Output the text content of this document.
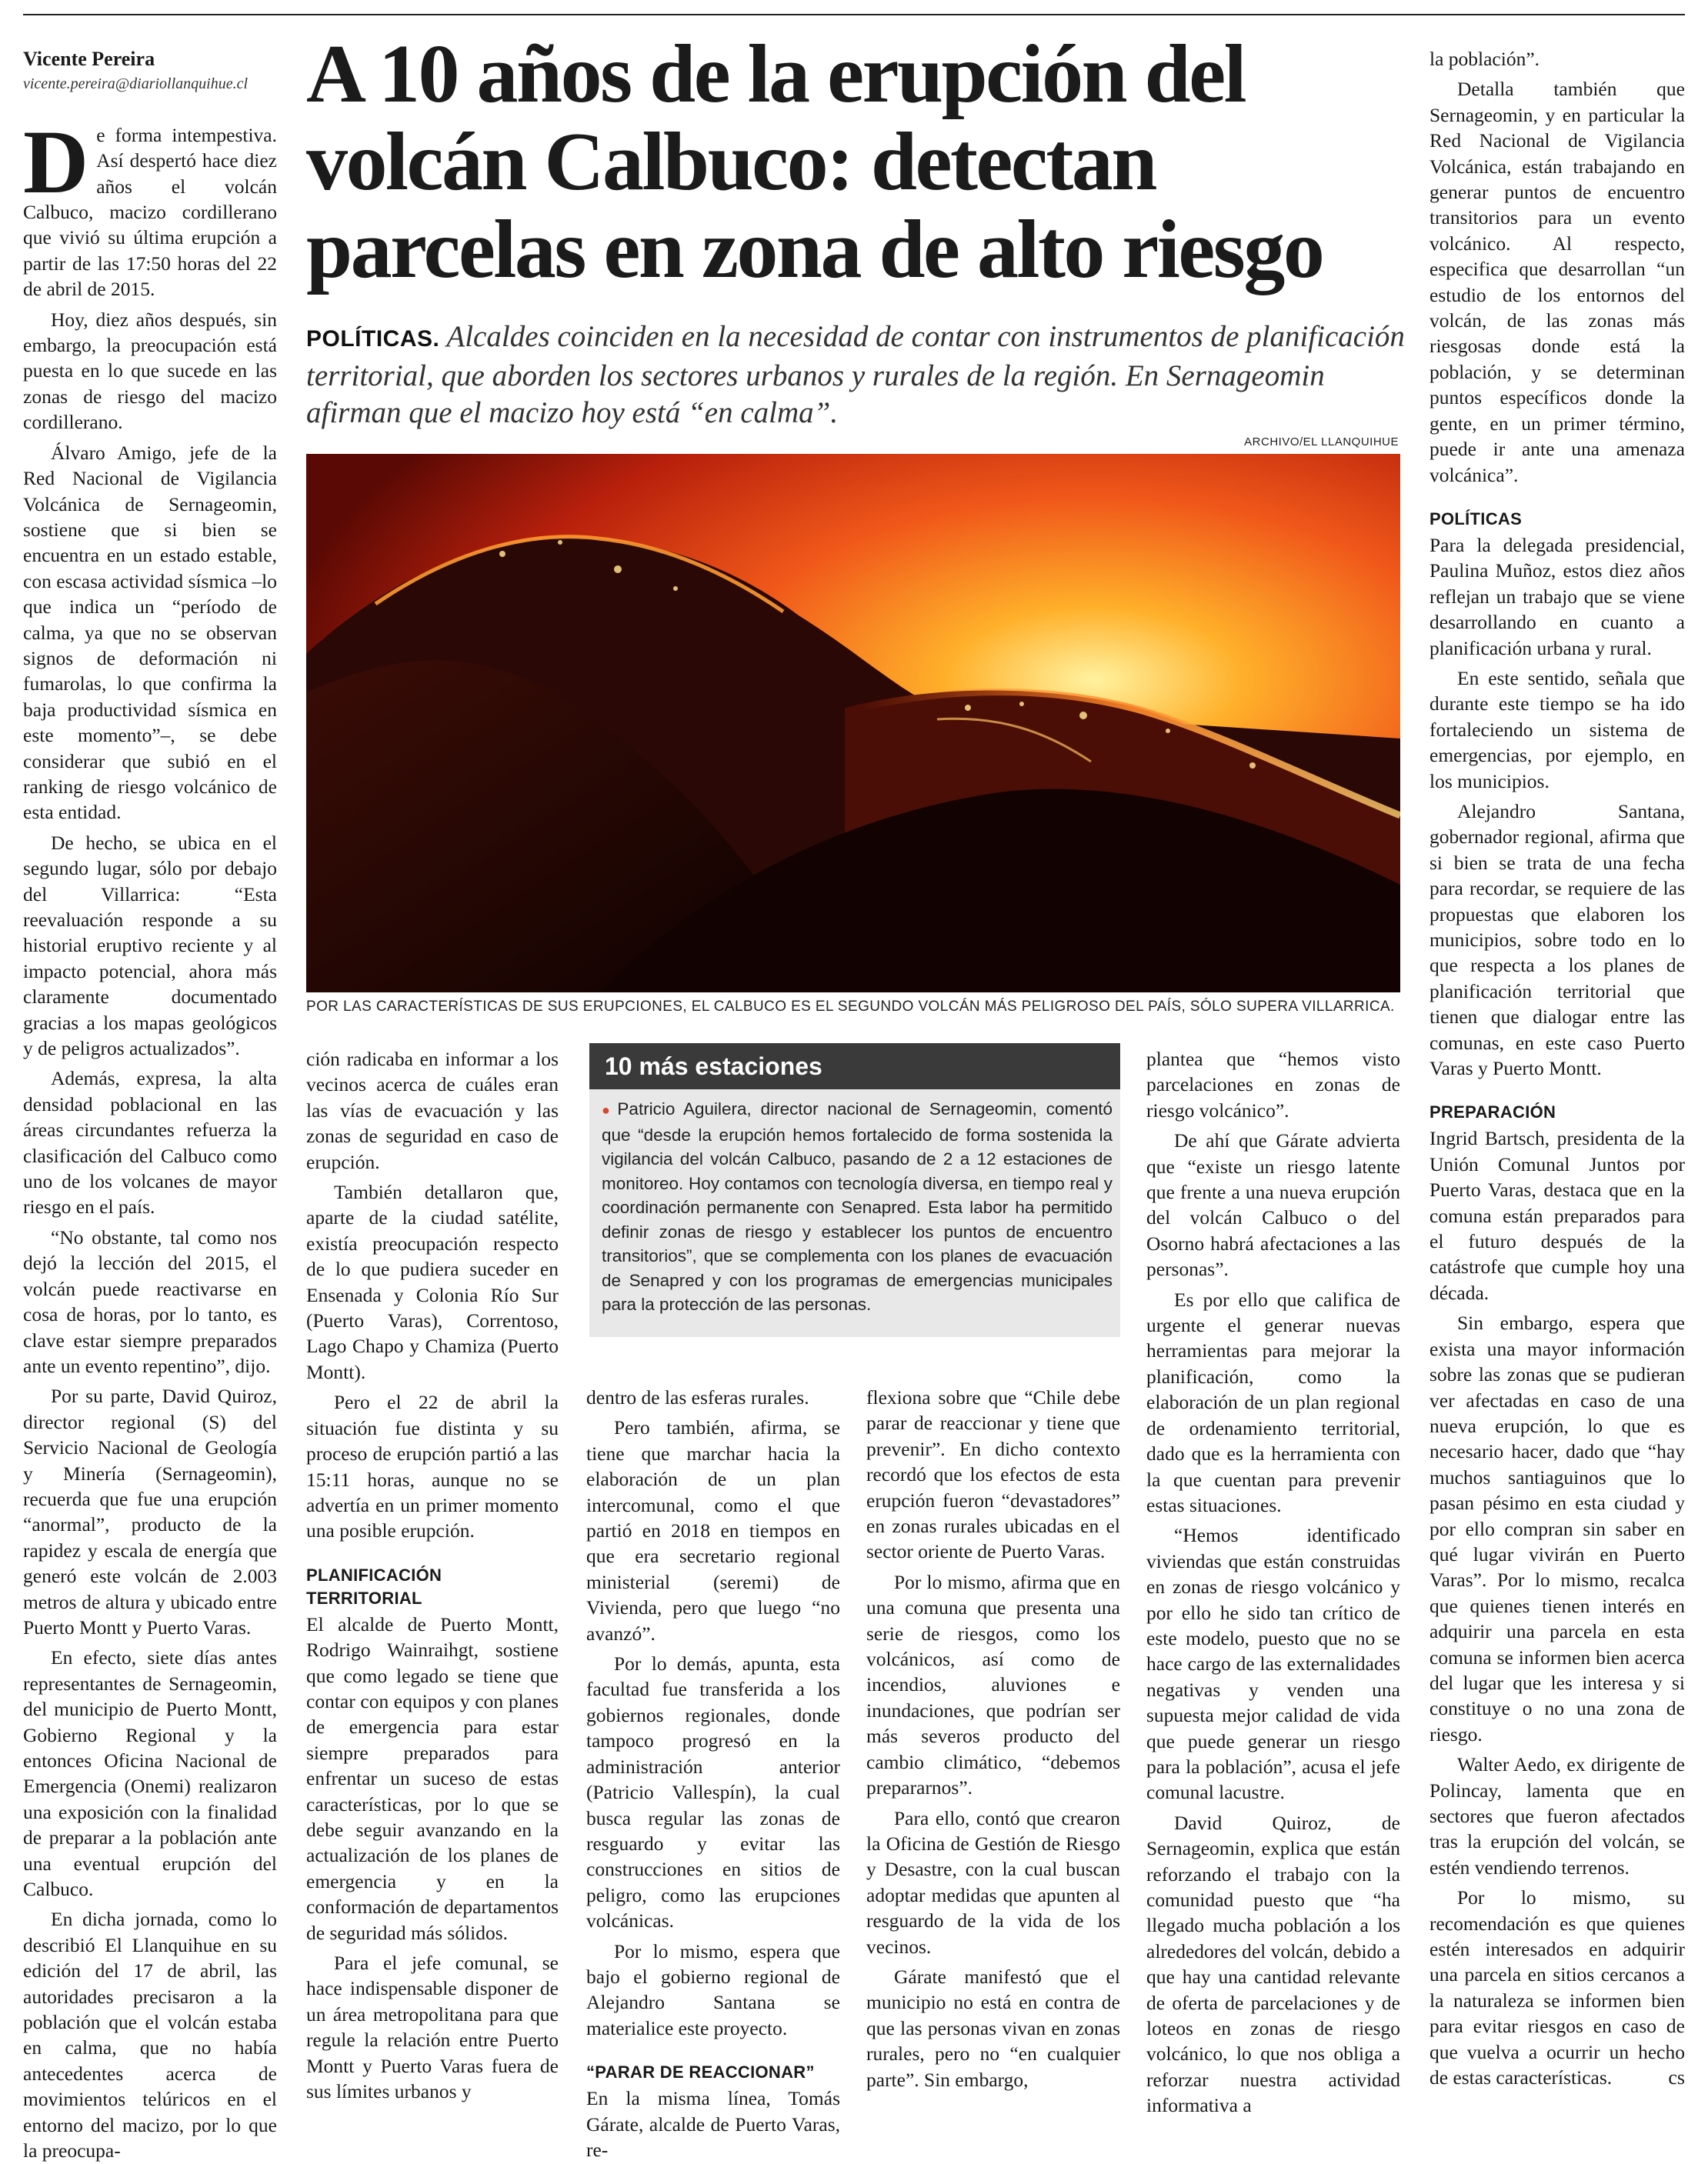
Vicente Pereira
vicente.pereira@diariollanquihue.cl

De forma intempestiva. Así despertó hace diez años el volcán Calbuco, macizo cordillerano que vivió su última erupción a partir de las 17:50 horas del 22 de abril de 2015.

Hoy, diez años después, sin embargo, la preocupación está puesta en lo que sucede en las zonas de riesgo del macizo cordillerano.

Álvaro Amigo, jefe de la Red Nacional de Vigilancia Volcánica de Sernageomin, sostiene que si bien se encuentra en un estado estable, con escasa actividad sísmica –lo que indica un “período de calma, ya que no se observan signos de deformación ni fumarolas, lo que confirma la baja productividad sísmica en este momento”–, se debe considerar que subió en el ranking de riesgo volcánico de esta entidad.

De hecho, se ubica en el segundo lugar, sólo por debajo del Villarrica: “Esta reevaluación responde a su historial eruptivo reciente y al impacto potencial, ahora más claramente documentado gracias a los mapas geológicos y de peligros actualizados”.

Además, expresa, la alta densidad poblacional en las áreas circundantes refuerza la clasificación del Calbuco como uno de los volcanes de mayor riesgo en el país.

“No obstante, tal como nos dejó la lección del 2015, el volcán puede reactivarse en cosa de horas, por lo tanto, es clave estar siempre preparados ante un evento repentino”, dijo.

Por su parte, David Quiroz, director regional (S) del Servicio Nacional de Geología y Minería (Sernageomin), recuerda que fue una erupción “anormal”, producto de la rapidez y escala de energía que generó este volcán de 2.003 metros de altura y ubicado entre Puerto Montt y Puerto Varas.

En efecto, siete días antes representantes de Sernageomin, del municipio de Puerto Montt, Gobierno Regional y la entonces Oficina Nacional de Emergencia (Onemi) realizaron una exposición con la finalidad de preparar a la población ante una eventual erupción del Calbuco.

En dicha jornada, como lo describió El Llanquihue en su edición del 17 de abril, las autoridades precisaron a la población que el volcán estaba en calma, que no había antecedentes acerca de movimientos telúricos en el entorno del macizo, por lo que la preocupa-

A 10 años de la erupción del volcán Calbuco: detectan parcelas en zona de alto riesgo
POLÍTICAS. Alcaldes coinciden en la necesidad de contar con instrumentos de planificación territorial, que aborden los sectores urbanos y rurales de la región. En Sernageomin afirman que el macizo hoy está “en calma”.
ARCHIVO/EL LLANQUIHUE
POR LAS CARACTERÍSTICAS DE SUS ERUPCIONES, EL CALBUCO ES EL SEGUNDO VOLCÁN MÁS PELIGROSO DEL PAÍS, SÓLO SUPERA VILLARRICA.

ción radicaba en informar a los vecinos acerca de cuáles eran las vías de evacuación y las zonas de seguridad en caso de erupción.

También detallaron que, aparte de la ciudad satélite, existía preocupación respecto de lo que pudiera suceder en Ensenada y Colonia Río Sur (Puerto Varas), Correntoso, Lago Chapo y Chamiza (Puerto Montt).

Pero el 22 de abril la situación fue distinta y su proceso de erupción partió a las 15:11 horas, aunque no se advertía en un primer momento una posible erupción.

PLANIFICACIÓN TERRITORIAL

El alcalde de Puerto Montt, Rodrigo Wainraihgt, sostiene que como legado se tiene que contar con equipos y con planes de emergencia para estar siempre preparados para enfrentar un suceso de estas características, por lo que se debe seguir avanzando en la actualización de los planes de emergencia y en la conformación de departamentos de seguridad más sólidos.

Para el jefe comunal, se hace indispensable disponer de un área metropolitana para que regule la relación entre Puerto Montt y Puerto Varas fuera de sus límites urbanos y

10 más estaciones
● Patricio Aguilera, director nacional de Sernageomin, comentó que “desde la erupción hemos fortalecido de forma sostenida la vigilancia del volcán Calbuco, pasando de 2 a 12 estaciones de monitoreo. Hoy contamos con tecnología diversa, en tiempo real y coordinación permanente con Senapred. Esta labor ha permitido definir zonas de riesgo y establecer los puntos de encuentro transitorios”, que se complementa con los planes de evacuación de Senapred y con los programas de emergencias municipales para la protección de las personas.

dentro de las esferas rurales.

Pero también, afirma, se tiene que marchar hacia la elaboración de un plan intercomunal, como el que partió en 2018 en tiempos en que era secretario regional ministerial (seremi) de Vivienda, pero que luego “no avanzó”.

Por lo demás, apunta, esta facultad fue transferida a los gobiernos regionales, donde tampoco progresó en la administración anterior (Patricio Vallespín), la cual busca regular las zonas de resguardo y evitar las construcciones en sitios de peligro, como las erupciones volcánicas.

Por lo mismo, espera que bajo el gobierno regional de Alejandro Santana se materialice este proyecto.

“PARAR DE REACCIONAR”

En la misma línea, Tomás Gárate, alcalde de Puerto Varas, re-

flexiona sobre que “Chile debe parar de reaccionar y tiene que prevenir”. En dicho contexto recordó que los efectos de esta erupción fueron “devastadores” en zonas rurales ubicadas en el sector oriente de Puerto Varas.

Por lo mismo, afirma que en una comuna que presenta una serie de riesgos, como los volcánicos, así como de incendios, aluviones e inundaciones, que podrían ser más severos producto del cambio climático, “debemos prepararnos”.

Para ello, contó que crearon la Oficina de Gestión de Riesgo y Desastre, con la cual buscan adoptar medidas que apunten al resguardo de la vida de los vecinos.

Gárate manifestó que el municipio no está en contra de que las personas vivan en zonas rurales, pero no “en cualquier parte”. Sin embargo,

plantea que “hemos visto parcelaciones en zonas de riesgo volcánico”.

De ahí que Gárate advierta que “existe un riesgo latente que frente a una nueva erupción del volcán Calbuco o del Osorno habrá afectaciones a las personas”.

Es por ello que califica de urgente el generar nuevas herramientas para mejorar la planificación, como la elaboración de un plan regional de ordenamiento territorial, dado que es la herramienta con la que cuentan para prevenir estas situaciones.

“Hemos identificado viviendas que están construidas en zonas de riesgo volcánico y por ello he sido tan crítico de este modelo, puesto que no se hace cargo de las externalidades negativas y venden una supuesta mejor calidad de vida que puede generar un riesgo para la población”, acusa el jefe comunal lacustre.

David Quiroz, de Sernageomin, explica que están reforzando el trabajo con la comunidad puesto que “ha llegado mucha población a los alrededores del volcán, debido a que hay una cantidad relevante de oferta de parcelaciones y de loteos en zonas de riesgo volcánico, lo que nos obliga a reforzar nuestra actividad informativa a

la población”.

Detalla también que Sernageomin, y en particular la Red Nacional de Vigilancia Volcánica, están trabajando en generar puntos de encuentro transitorios para un evento volcánico. Al respecto, especifica que desarrollan “un estudio de los entornos del volcán, de las zonas más riesgosas donde está la población, y se determinan puntos específicos donde la gente, en un primer término, puede ir ante una amenaza volcánica”.

POLÍTICAS

Para la delegada presidencial, Paulina Muñoz, estos diez años reflejan un trabajo que se viene desarrollando en cuanto a planificación urbana y rural.

En este sentido, señala que durante este tiempo se ha ido fortaleciendo un sistema de emergencias, por ejemplo, en los municipios.

Alejandro Santana, gobernador regional, afirma que si bien se trata de una fecha para recordar, se requiere de las propuestas que elaboren los municipios, sobre todo en lo que respecta a los planes de planificación territorial que tienen que dialogar entre las comunas, en este caso Puerto Varas y Puerto Montt.

PREPARACIÓN

Ingrid Bartsch, presidenta de la Unión Comunal Juntos por Puerto Varas, destaca que en la comuna están preparados para el futuro después de la catástrofe que cumple hoy una década.

Sin embargo, espera que exista una mayor información sobre las zonas que se pudieran ver afectadas en caso de una nueva erupción, lo que es necesario hacer, dado que “hay muchos santiaguinos que lo pasan pésimo en esta ciudad y por ello compran sin saber en qué lugar vivirán en Puerto Varas”. Por lo mismo, recalca que quienes tienen interés en adquirir una parcela en esta comuna se informen bien acerca del lugar que les interesa y si constituye o no una zona de riesgo.

Walter Aedo, ex dirigente de Polincay, lamenta que en sectores que fueron afectados tras la erupción del volcán, se estén vendiendo terrenos.

Por lo mismo, su recomendación es que quienes estén interesados en adquirir una parcela en sitios cercanos a la naturaleza se informen bien para evitar riesgos en caso de que vuelva a ocurrir un hecho de estas características.	cs
